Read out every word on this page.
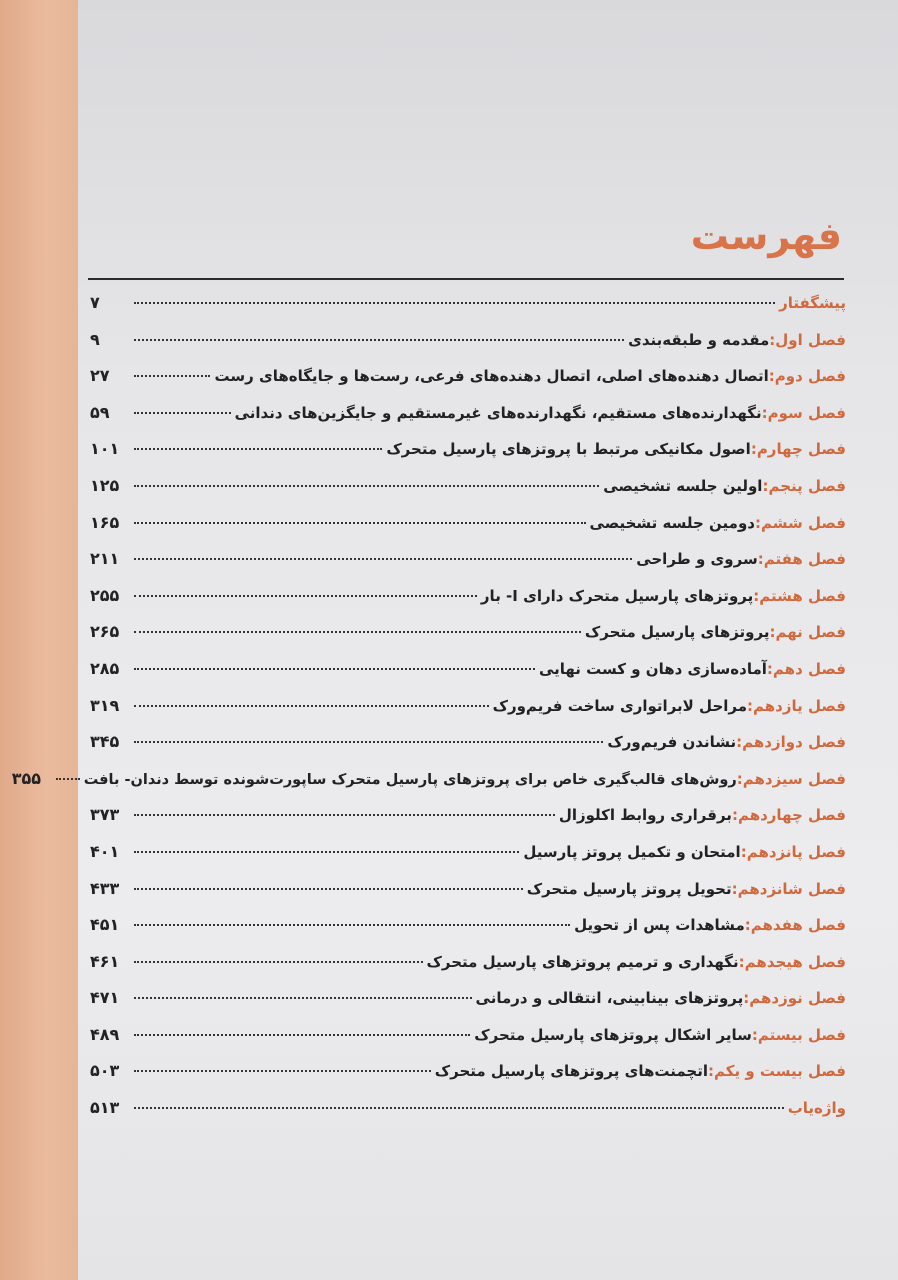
فهرست
پیشگفتار
۷
فصل اول
:
مقدمه و طبقه‌بندی
۹
فصل دوم
:
اتصال دهنده‌های اصلی، اتصال دهنده‌های فرعی، رست‌ها و جایگاه‌های رست
۲۷
فصل سوم
:
نگهدارنده‌های مستقیم، نگهدارنده‌های غیرمستقیم و جایگزین‌های دندانی
۵۹
فصل چهارم
:
اصول مکانیکی مرتبط با پروتزهای پارسیل متحرک
۱۰۱
فصل پنجم
:
اولین جلسه تشخیصی
۱۲۵
فصل ششم
:
دومین جلسه تشخیصی
۱۶۵
فصل هفتم
:
سروی و طراحی
۲۱۱
فصل هشتم
:
پروتزهای پارسیل متحرک دارای I- بار
۲۵۵
فصل نهم
:
پروتزهای پارسیل متحرک
۲۶۵
فصل دهم
:
آماده‌سازی دهان و کست نهایی
۲۸۵
فصل یازدهم
:
مراحل لابراتواری ساخت فریم‌ورک
۳۱۹
فصل دوازدهم
:
نشاندن فریم‌ورک
۳۴۵
فصل سیزدهم
:
روش‌های قالب‌گیری خاص برای پروتزهای پارسیل متحرک ساپورت‌شونده توسط دندان- بافت
۳۵۵
فصل چهاردهم
:
برقراری روابط اکلوزال
۳۷۳
فصل پانزدهم
:
امتحان و تکمیل پروتز پارسیل
۴۰۱
فصل شانزدهم
:
تحویل پروتز پارسیل متحرک
۴۳۳
فصل هفدهم
:
مشاهدات پس از تحویل
۴۵۱
فصل هیجدهم
:
نگهداری و ترمیم پروتزهای پارسیل متحرک
۴۶۱
فصل نوزدهم
:
پروتزهای بینابینی، انتقالی و درمانی
۴۷۱
فصل بیستم
:
سایر اشکال پروتزهای پارسیل متحرک
۴۸۹
فصل بیست و یکم
:
اتچمنت‌های پروتزهای پارسیل متحرک
۵۰۳
واژه‌یاب
۵۱۳
